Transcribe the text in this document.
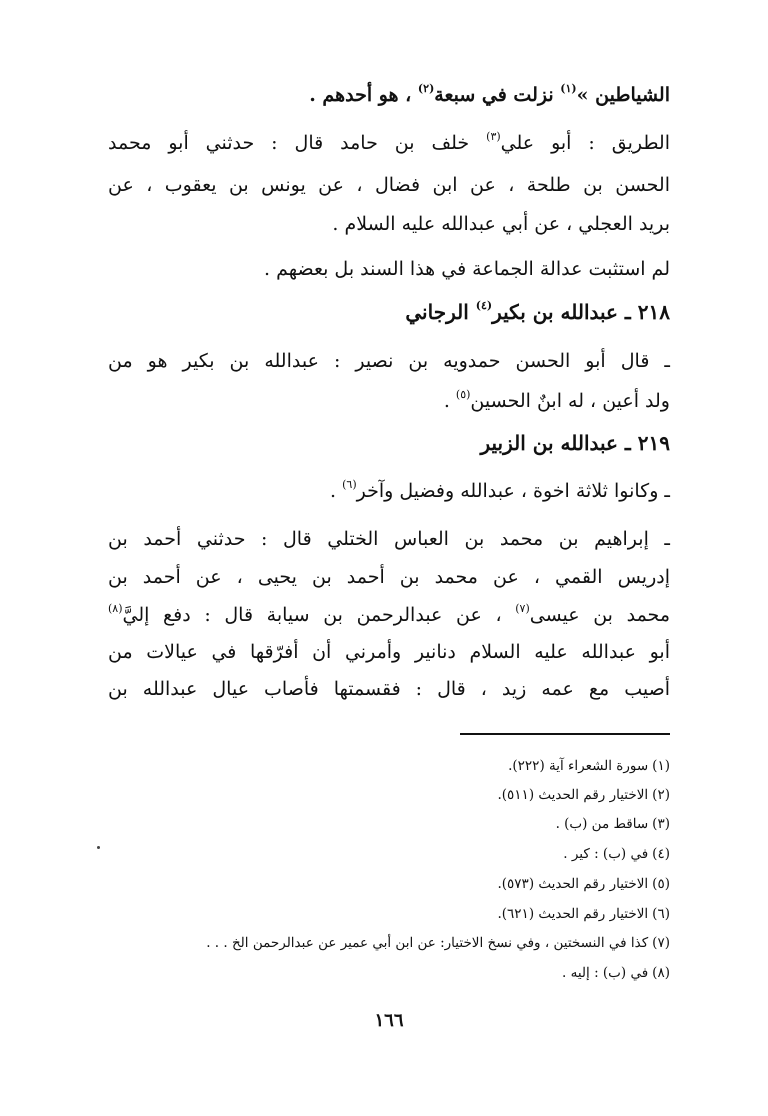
الشياطين »$^{(١)}$ نزلت في سبعة$^{(٢)}$ ، هو أحدهم .
الطريق : أبو علي$^{(٣)}$ خلف بن حامد قال : حدثني أبو محمد
الحسن بن طلحة ، عن ابن فضال ، عن يونس بن يعقوب ، عن
بريد العجلي ، عن أبي عبدالله عليه السلام .
لم استثبت عدالة الجماعة في هذا السند بل بعضهم .
٢١٨ ـ عبدالله بن بكير$^{(٤)}$ الرجاني
ـ قال أبو الحسن حمدويه بن نصير : عبدالله بن بكير هو من
ولد أعين ، له ابنٌ الحسين$^{(٥)}$ .
٢١٩ ـ عبدالله بن الزبير
ـ وكانوا ثلاثة اخوة ، عبدالله وفضيل وآخر$^{(٦)}$ .
ـ إبراهيم بن محمد بن العباس الختلي قال : حدثني أحمد بن
إدريس القمي ، عن محمد بن أحمد بن يحيى ، عن أحمد بن
محمد بن عيسى$^{(٧)}$ ، عن عبدالرحمن بن سيابة قال : دفع إليَّ$^{(٨)}$
أبو عبدالله عليه السلام دنانير وأمرني أن أفرّقها في عيالات من
أصيب مع عمه زيد ، قال : فقسمتها فأصاب عيال عبدالله بن
(١)سورة الشعراء آية (٢٢٢).
(٢)الاختيار رقم الحديث (٥١١).
(٣)ساقط من (ب) .
(٤)في (ب) : كير .
(٥)الاختيار رقم الحديث (٥٧٣).
(٦)الاختيار رقم الحديث (٦٢١).
(٧)كذا في النسختين ، وفي نسخ الاختيار: عن ابن أبي عمير عن عبدالرحمن الخ . . .
(٨)في (ب) : إليه .
١٦٦
